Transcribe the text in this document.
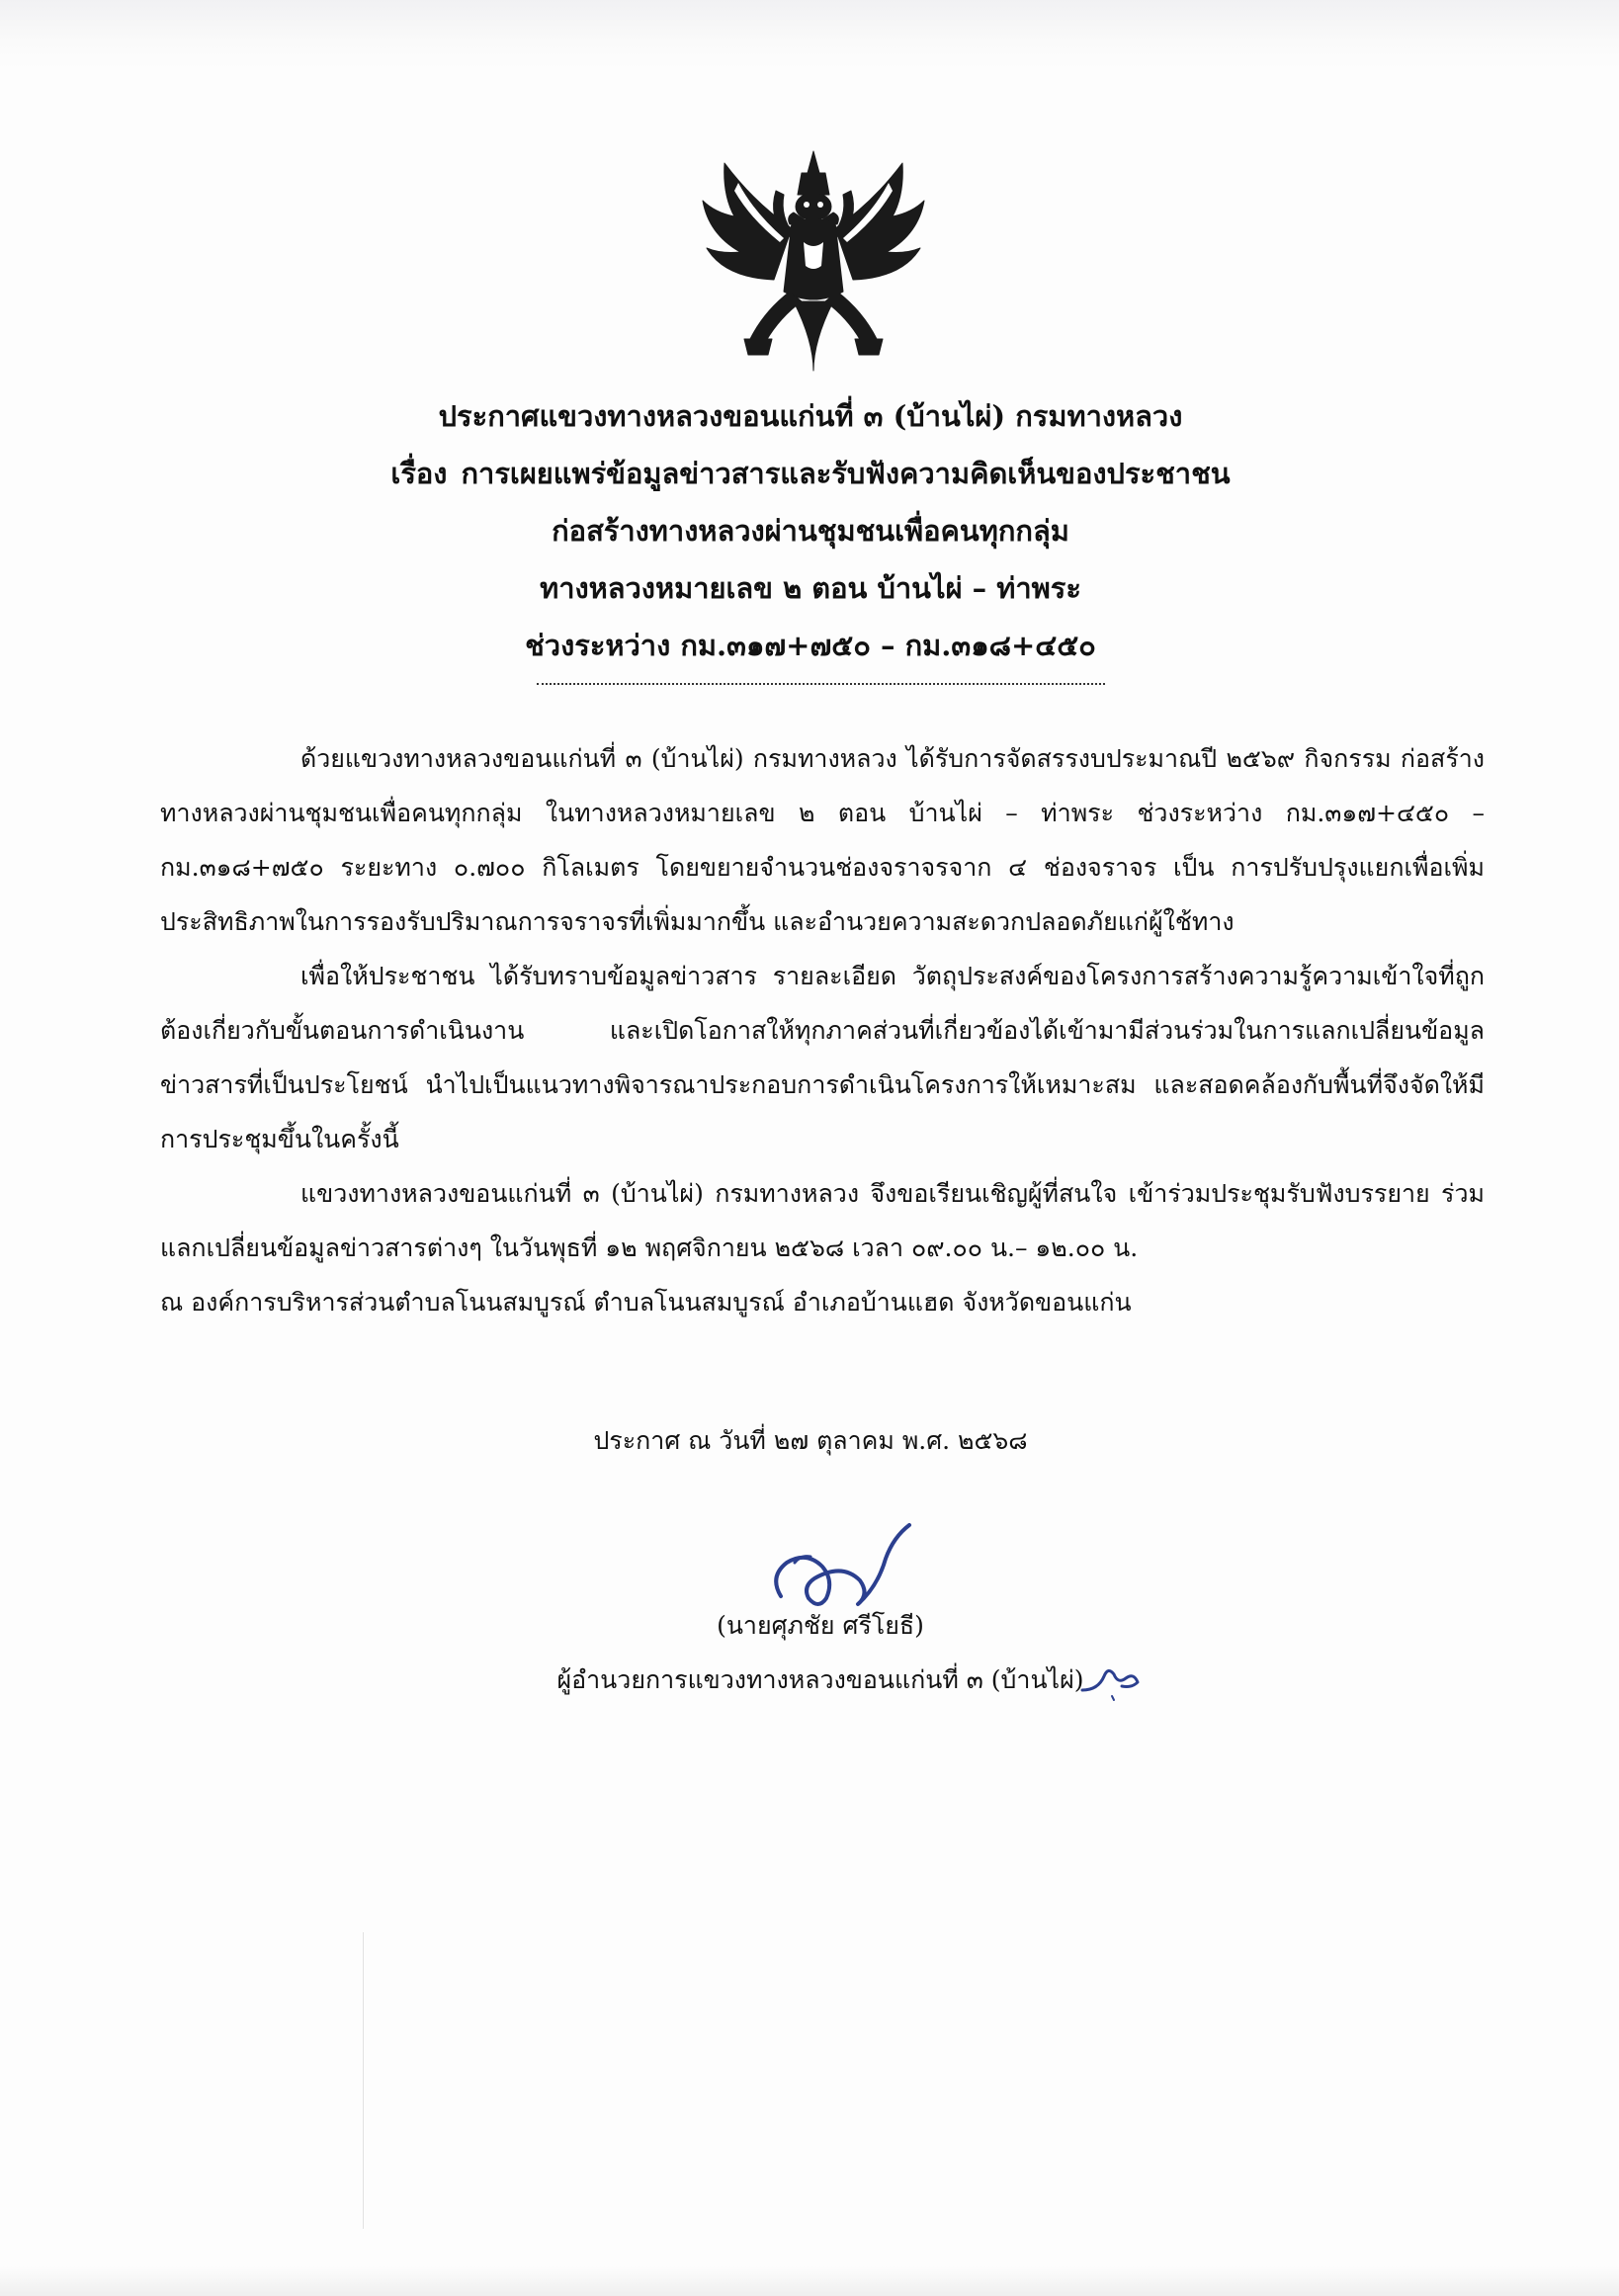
ประกาศแขวงทางหลวงขอนแก่นที่ ๓ (บ้านไผ่) กรมทางหลวง
เรื่อง การเผยแพร่ข้อมูลข่าวสารและรับฟังความคิดเห็นของประชาชน
ก่อสร้างทางหลวงผ่านชุมชนเพื่อคนทุกกลุ่ม
ทางหลวงหมายเลข ๒ ตอน บ้านไผ่ – ท่าพระ
ช่วงระหว่าง กม.๓๑๗+๗๕๐ – กม.๓๑๘+๔๕๐

ด้วยแขวงทางหลวงขอนแก่นที่ ๓ (บ้านไผ่) กรมทางหลวง ได้รับการจัดสรรงบประมาณปี ๒๕๖๙ กิจกรรม ก่อสร้างทางหลวงผ่านชุมชนเพื่อคนทุกกลุ่ม ในทางหลวงหมายเลข ๒ ตอน บ้านไผ่ – ท่าพระ ช่วงระหว่าง กม.๓๑๗+๔๕๐ – กม.๓๑๘+๗๕๐ ระยะทาง ๐.๗๐๐ กิโลเมตร โดยขยายจำนวนช่องจราจรจาก ๔ ช่องจราจร เป็น การปรับปรุงแยกเพื่อเพิ่มประสิทธิภาพในการรองรับปริมาณการจราจรที่เพิ่มมากขึ้น และอำนวยความสะดวกปลอดภัยแก่ผู้ใช้ทาง

เพื่อให้ประชาชน ได้รับทราบข้อมูลข่าวสาร รายละเอียด วัตถุประสงค์ของโครงการสร้างความรู้ความเข้าใจที่ถูกต้องเกี่ยวกับขั้นตอนการดำเนินงาน และเปิดโอกาสให้ทุกภาคส่วนที่เกี่ยวข้องได้เข้ามามีส่วนร่วมในการแลกเปลี่ยนข้อมูลข่าวสารที่เป็นประโยชน์ นำไปเป็นแนวทางพิจารณาประกอบการดำเนินโครงการให้เหมาะสม และสอดคล้องกับพื้นที่จึงจัดให้มีการประชุมขึ้นในครั้งนี้

แขวงทางหลวงขอนแก่นที่ ๓ (บ้านไผ่) กรมทางหลวง จึงขอเรียนเชิญผู้ที่สนใจ เข้าร่วมประชุมรับฟังบรรยาย ร่วมแลกเปลี่ยนข้อมูลข่าวสารต่างๆ ในวันพุธที่ ๑๒ พฤศจิกายน ๒๕๖๘ เวลา ๐๙.๐๐ น.– ๑๒.๐๐ น.

ณ องค์การบริหารส่วนตำบลโนนสมบูรณ์ ตำบลโนนสมบูรณ์ อำเภอบ้านแฮด จังหวัดขอนแก่น

ประกาศ ณ วันที่ ๒๗ ตุลาคม พ.ศ. ๒๕๖๘
(นายศุภชัย ศรีโยธี)
ผู้อำนวยการแขวงทางหลวงขอนแก่นที่ ๓ (บ้านไผ่)
